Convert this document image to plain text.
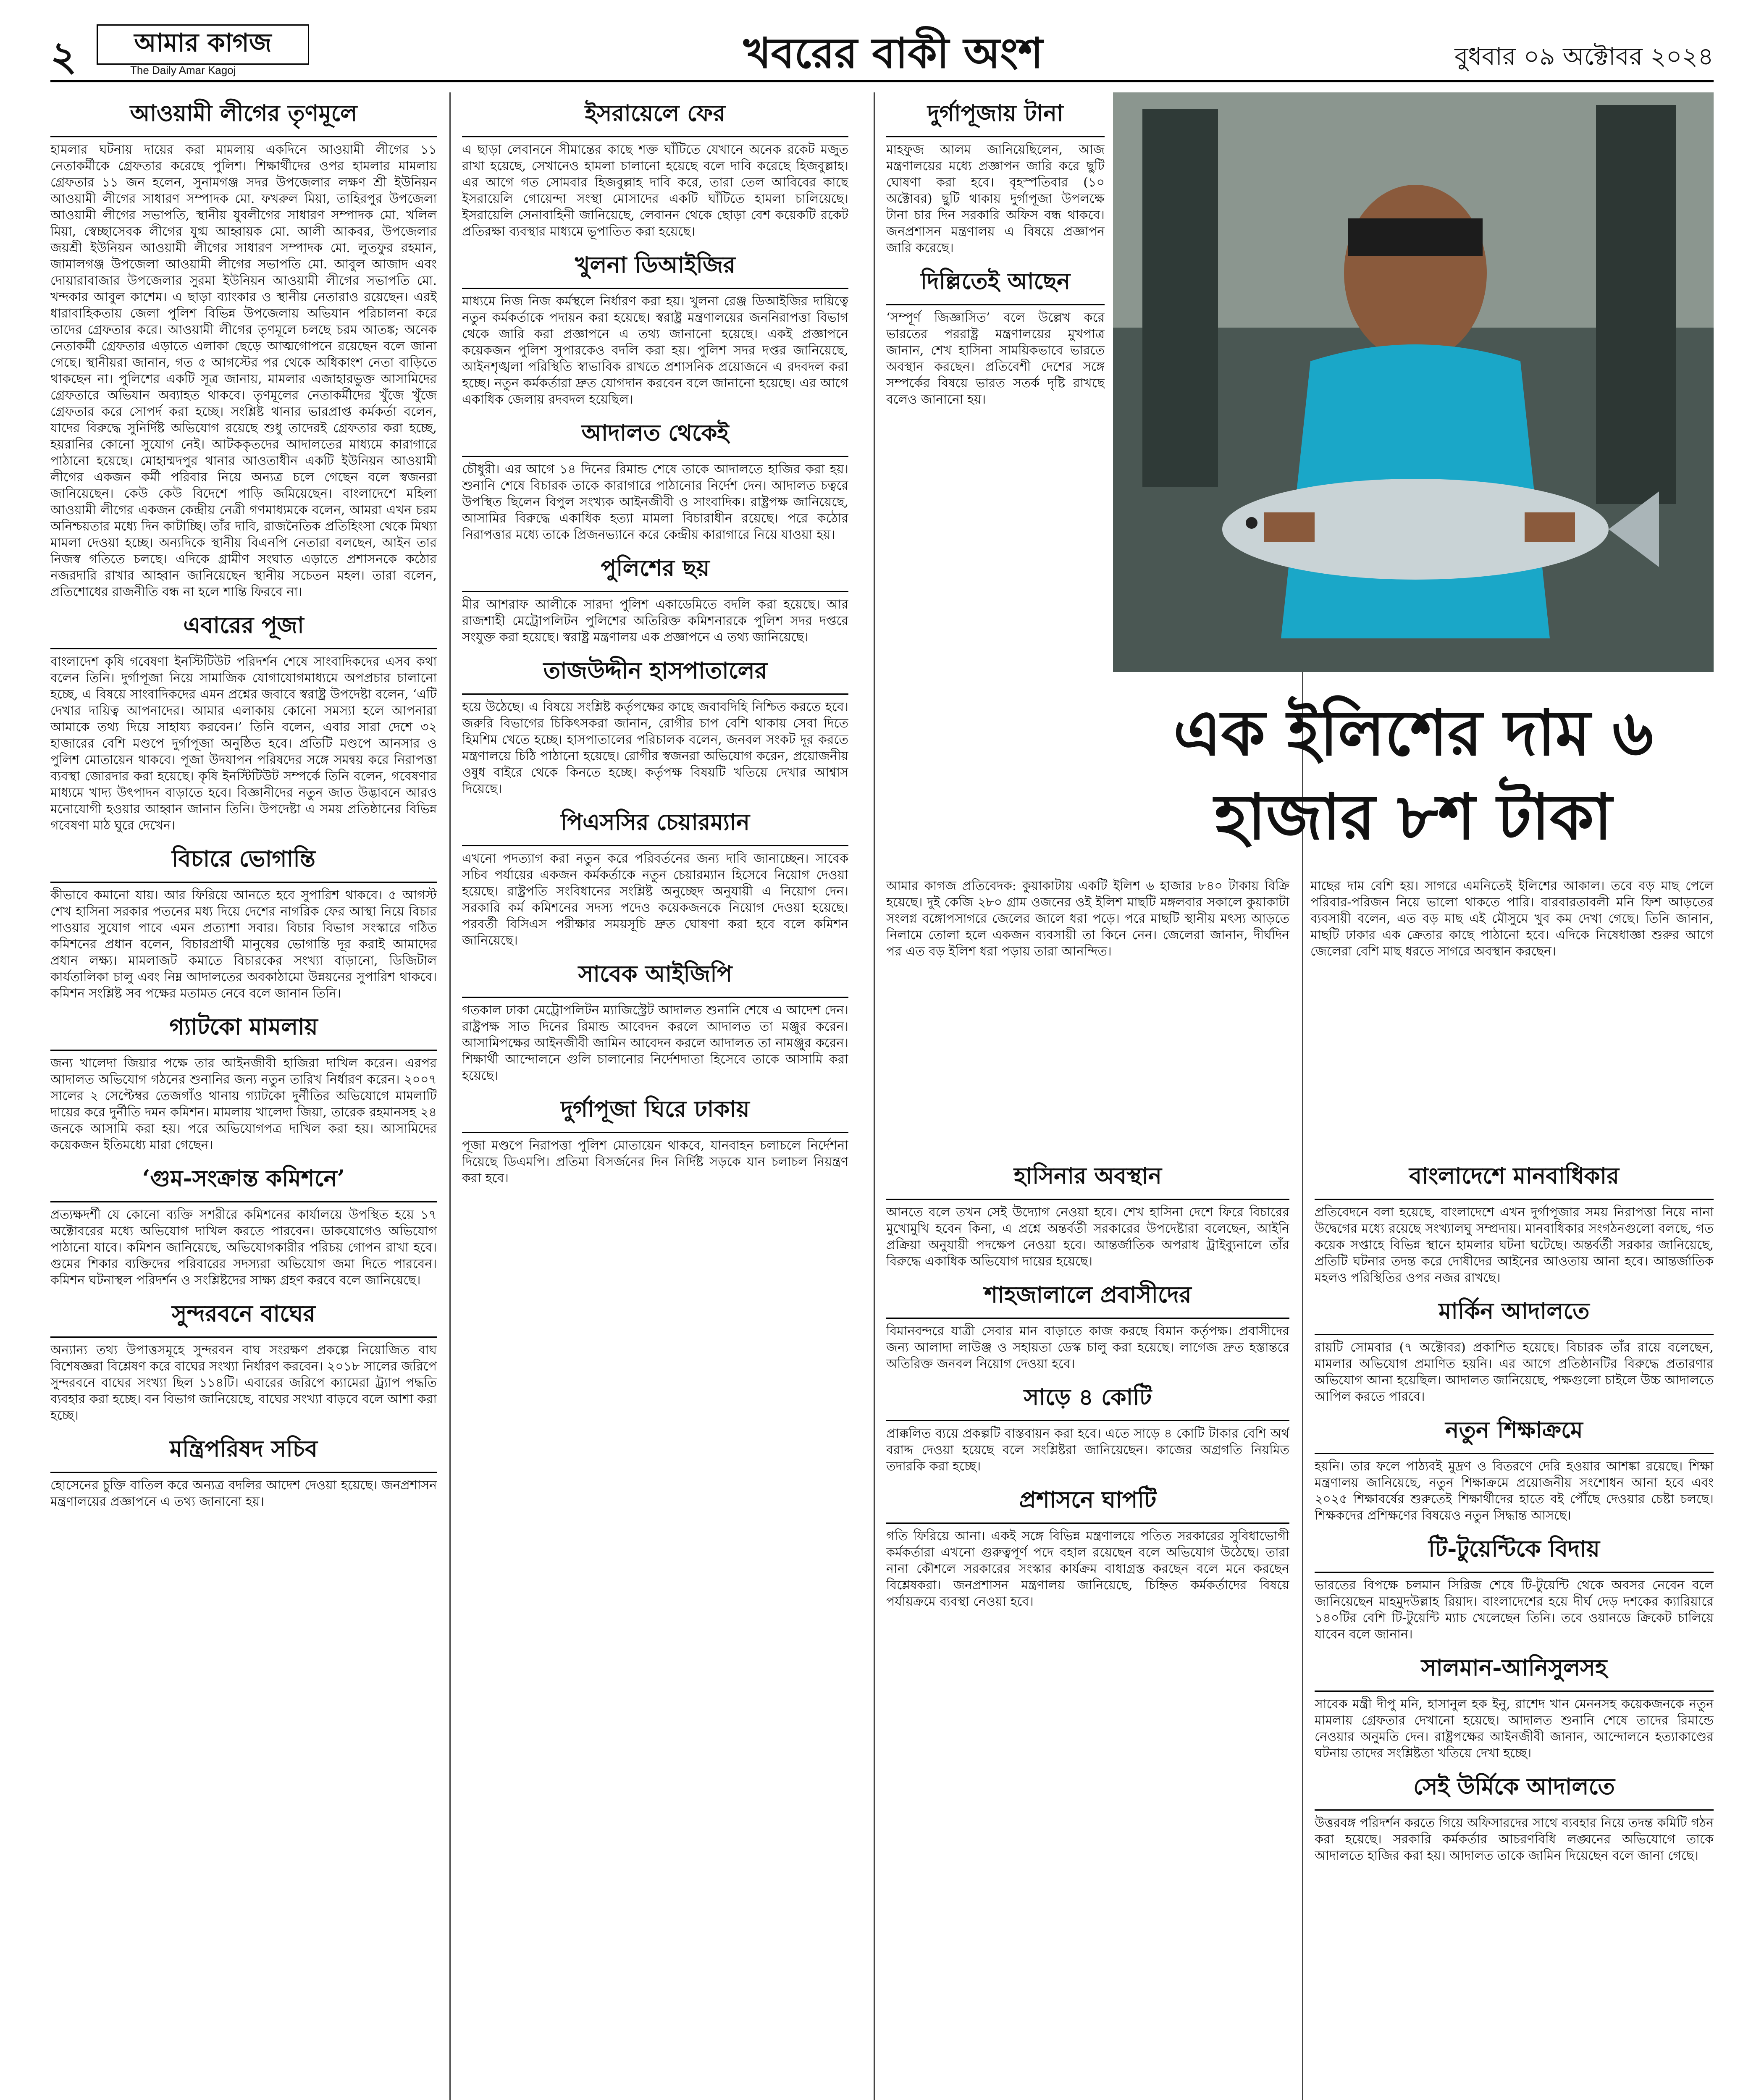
২	আমার কাগজ
The Daily Amar Kagoj	খবরের বাকী অংশ	বুধবার ০৯ অক্টোবর ২০২৪
আওয়ামী লীগের তৃণমূলে

হামলার ঘটনায় দায়ের করা মামলায় একদিনে আওয়ামী লীগের ১১ নেতাকর্মীকে গ্রেফতার করেছে পুলিশ। শিক্ষার্থীদের ওপর হামলার মামলায় গ্রেফতার ১১ জন হলেন, সুনামগঞ্জ সদর উপজেলার লক্ষণ শ্রী ইউনিয়ন আওয়ামী লীগের সাধারণ সম্পাদক মো. ফখরুল মিয়া, তাহিরপুর উপজেলা আওয়ামী লীগের সভাপতি, স্থানীয় যুবলীগের সাধারণ সম্পাদক মো. খলিল মিয়া, স্বেচ্ছাসেবক লীগের যুগ্ম আহ্বায়ক মো. আলী আকবর, উপজেলার জয়শ্রী ইউনিয়ন আওয়ামী লীগের সাধারণ সম্পাদক মো. লুতফুর রহমান, জামালগঞ্জ উপজেলা আওয়ামী লীগের সভাপতি মো. আবুল আজাদ এবং দোয়ারাবাজার উপজেলার সুরমা ইউনিয়ন আওয়ামী লীগের সভাপতি মো. খন্দকার আবুল কাশেম। এ ছাড়া ব্যাংকার ও স্থানীয় নেতারাও রয়েছেন। এরই ধারাবাহিকতায় জেলা পুলিশ বিভিন্ন উপজেলায় অভিযান পরিচালনা করে তাদের গ্রেফতার করে। আওয়ামী লীগের তৃণমূলে চলছে চরম আতঙ্ক; অনেক নেতাকর্মী গ্রেফতার এড়াতে এলাকা ছেড়ে আত্মগোপনে রয়েছেন বলে জানা গেছে। স্থানীয়রা জানান, গত ৫ আগস্টের পর থেকে অধিকাংশ নেতা বাড়িতে থাকছেন না। পুলিশের একটি সূত্র জানায়, মামলার এজাহারভুক্ত আসামিদের গ্রেফতারে অভিযান অব্যাহত থাকবে। তৃণমূলের নেতাকর্মীদের খুঁজে খুঁজে গ্রেফতার করে সোপর্দ করা হচ্ছে। সংশ্লিষ্ট থানার ভারপ্রাপ্ত কর্মকর্তা বলেন, যাদের বিরুদ্ধে সুনির্দিষ্ট অভিযোগ রয়েছে শুধু তাদেরই গ্রেফতার করা হচ্ছে, হয়রানির কোনো সুযোগ নেই। আটককৃতদের আদালতের মাধ্যমে কারাগারে পাঠানো হয়েছে। মোহাম্মদপুর থানার আওতাধীন একটি ইউনিয়ন আওয়ামী লীগের একজন কর্মী পরিবার নিয়ে অন্যত্র চলে গেছেন বলে স্বজনরা জানিয়েছেন। কেউ কেউ বিদেশে পাড়ি জমিয়েছেন। বাংলাদেশে মহিলা আওয়ামী লীগের একজন কেন্দ্রীয় নেত্রী গণমাধ্যমকে বলেন, আমরা এখন চরম অনিশ্চয়তার মধ্যে দিন কাটাচ্ছি। তাঁর দাবি, রাজনৈতিক প্রতিহিংসা থেকে মিথ্যা মামলা দেওয়া হচ্ছে। অন্যদিকে স্থানীয় বিএনপি নেতারা বলছেন, আইন তার নিজস্ব গতিতে চলছে। এদিকে গ্রামীণ সংঘাত এড়াতে প্রশাসনকে কঠোর নজরদারি রাখার আহ্বান জানিয়েছেন স্থানীয় সচেতন মহল। তারা বলেন, প্রতিশোধের রাজনীতি বন্ধ না হলে শান্তি ফিরবে না।

এবারের পূজা

বাংলাদেশ কৃষি গবেষণা ইনস্টিটিউট পরিদর্শন শেষে সাংবাদিকদের এসব কথা বলেন তিনি। দুর্গাপূজা নিয়ে সামাজিক যোগাযোগমাধ্যমে অপপ্রচার চালানো হচ্ছে, এ বিষয়ে সাংবাদিকদের এমন প্রশ্নের জবাবে স্বরাষ্ট্র উপদেষ্টা বলেন, ‘এটি দেখার দায়িত্ব আপনাদের। আমার এলাকায় কোনো সমস্যা হলে আপনারা আমাকে তথ্য দিয়ে সাহায্য করবেন।’ তিনি বলেন, এবার সারা দেশে ৩২ হাজারের বেশি মণ্ডপে দুর্গাপূজা অনুষ্ঠিত হবে। প্রতিটি মণ্ডপে আনসার ও পুলিশ মোতায়েন থাকবে। পূজা উদযাপন পরিষদের সঙ্গে সমন্বয় করে নিরাপত্তা ব্যবস্থা জোরদার করা হয়েছে। কৃষি ইনস্টিটিউট সম্পর্কে তিনি বলেন, গবেষণার মাধ্যমে খাদ্য উৎপাদন বাড়াতে হবে। বিজ্ঞানীদের নতুন জাত উদ্ভাবনে আরও মনোযোগী হওয়ার আহ্বান জানান তিনি। উপদেষ্টা এ সময় প্রতিষ্ঠানের বিভিন্ন গবেষণা মাঠ ঘুরে দেখেন।

বিচারে ভোগান্তি

কীভাবে কমানো যায়। আর ফিরিয়ে আনতে হবে সুপারিশ থাকবে। ৫ আগস্ট শেখ হাসিনা সরকার পতনের মধ্য দিয়ে দেশের নাগরিক ফের আস্থা নিয়ে বিচার পাওয়ার সুযোগ পাবে এমন প্রত্যাশা সবার। বিচার বিভাগ সংস্কারে গঠিত কমিশনের প্রধান বলেন, বিচারপ্রার্থী মানুষের ভোগান্তি দূর করাই আমাদের প্রধান লক্ষ্য। মামলাজট কমাতে বিচারকের সংখ্যা বাড়ানো, ডিজিটাল কার্যতালিকা চালু এবং নিম্ন আদালতের অবকাঠামো উন্নয়নের সুপারিশ থাকবে। কমিশন সংশ্লিষ্ট সব পক্ষের মতামত নেবে বলে জানান তিনি।

গ্যাটকো মামলায়

জন্য খালেদা জিয়ার পক্ষে তার আইনজীবী হাজিরা দাখিল করেন। এরপর আদালত অভিযোগ গঠনের শুনানির জন্য নতুন তারিখ নির্ধারণ করেন। ২০০৭ সালের ২ সেপ্টেম্বর তেজগাঁও থানায় গ্যাটকো দুর্নীতির অভিযোগে মামলাটি দায়ের করে দুর্নীতি দমন কমিশন। মামলায় খালেদা জিয়া, তারেক রহমানসহ ২৪ জনকে আসামি করা হয়। পরে অভিযোগপত্র দাখিল করা হয়। আসামিদের কয়েকজন ইতিমধ্যে মারা গেছেন।

‘গুম-সংক্রান্ত কমিশনে’

প্রত্যক্ষদর্শী যে কোনো ব্যক্তি সশরীরে কমিশনের কার্যালয়ে উপস্থিত হয়ে ১৭ অক্টোবরের মধ্যে অভিযোগ দাখিল করতে পারবেন। ডাকযোগেও অভিযোগ পাঠানো যাবে। কমিশন জানিয়েছে, অভিযোগকারীর পরিচয় গোপন রাখা হবে। গুমের শিকার ব্যক্তিদের পরিবারের সদস্যরা অভিযোগ জমা দিতে পারবেন। কমিশন ঘটনাস্থল পরিদর্শন ও সংশ্লিষ্টদের সাক্ষ্য গ্রহণ করবে বলে জানিয়েছে।

সুন্দরবনে বাঘের

অন্যান্য তথ্য উপাত্তসমূহে সুন্দরবন বাঘ সংরক্ষণ প্রকল্পে নিয়োজিত বাঘ বিশেষজ্ঞরা বিশ্লেষণ করে বাঘের সংখ্যা নির্ধারণ করবেন। ২০১৮ সালের জরিপে সুন্দরবনে বাঘের সংখ্যা ছিল ১১৪টি। এবারের জরিপে ক্যামেরা ট্র্যাপ পদ্ধতি ব্যবহার করা হচ্ছে। বন বিভাগ জানিয়েছে, বাঘের সংখ্যা বাড়বে বলে আশা করা হচ্ছে।

মন্ত্রিপরিষদ সচিব

হোসেনের চুক্তি বাতিল করে অন্যত্র বদলির আদেশ দেওয়া হয়েছে। জনপ্রশাসন মন্ত্রণালয়ের প্রজ্ঞাপনে এ তথ্য জানানো হয়।

ইসরায়েলে ফের

এ ছাড়া লেবাননে সীমান্তের কাছে শক্ত ঘাঁটিতে যেখানে অনেক রকেট মজুত রাখা হয়েছে, সেখানেও হামলা চালানো হয়েছে বলে দাবি করেছে হিজবুল্লাহ। এর আগে গত সোমবার হিজবুল্লাহ দাবি করে, তারা তেল আবিবের কাছে ইসরায়েলি গোয়েন্দা সংস্থা মোসাদের একটি ঘাঁটিতে হামলা চালিয়েছে। ইসরায়েলি সেনাবাহিনী জানিয়েছে, লেবানন থেকে ছোড়া বেশ কয়েকটি রকেট প্রতিরক্ষা ব্যবস্থার মাধ্যমে ভূপাতিত করা হয়েছে।

খুলনা ডিআইজির

মাধ্যমে নিজ নিজ কর্মস্থলে নির্ধারণ করা হয়। খুলনা রেঞ্জ ডিআইজির দায়িত্বে নতুন কর্মকর্তাকে পদায়ন করা হয়েছে। স্বরাষ্ট্র মন্ত্রণালয়ের জননিরাপত্তা বিভাগ থেকে জারি করা প্রজ্ঞাপনে এ তথ্য জানানো হয়েছে। একই প্রজ্ঞাপনে কয়েকজন পুলিশ সুপারকেও বদলি করা হয়। পুলিশ সদর দপ্তর জানিয়েছে, আইনশৃঙ্খলা পরিস্থিতি স্বাভাবিক রাখতে প্রশাসনিক প্রয়োজনে এ রদবদল করা হচ্ছে। নতুন কর্মকর্তারা দ্রুত যোগদান করবেন বলে জানানো হয়েছে। এর আগে একাধিক জেলায় রদবদল হয়েছিল।

আদালত থেকেই

চৌধুরী। এর আগে ১৪ দিনের রিমান্ড শেষে তাকে আদালতে হাজির করা হয়। শুনানি শেষে বিচারক তাকে কারাগারে পাঠানোর নির্দেশ দেন। আদালত চত্বরে উপস্থিত ছিলেন বিপুল সংখ্যক আইনজীবী ও সাংবাদিক। রাষ্ট্রপক্ষ জানিয়েছে, আসামির বিরুদ্ধে একাধিক হত্যা মামলা বিচারাধীন রয়েছে। পরে কঠোর নিরাপত্তার মধ্যে তাকে প্রিজনভ্যানে করে কেন্দ্রীয় কারাগারে নিয়ে যাওয়া হয়।

পুলিশের ছয়

মীর আশরাফ আলীকে সারদা পুলিশ একাডেমিতে বদলি করা হয়েছে। আর রাজশাহী মেট্রোপলিটন পুলিশের অতিরিক্ত কমিশনারকে পুলিশ সদর দপ্তরে সংযুক্ত করা হয়েছে। স্বরাষ্ট্র মন্ত্রণালয় এক প্রজ্ঞাপনে এ তথ্য জানিয়েছে।

তাজউদ্দীন হাসপাতালের

হয়ে উঠেছে। এ বিষয়ে সংশ্লিষ্ট কর্তৃপক্ষের কাছে জবাবদিহি নিশ্চিত করতে হবে। জরুরি বিভাগের চিকিৎসকরা জানান, রোগীর চাপ বেশি থাকায় সেবা দিতে হিমশিম খেতে হচ্ছে। হাসপাতালের পরিচালক বলেন, জনবল সংকট দূর করতে মন্ত্রণালয়ে চিঠি পাঠানো হয়েছে। রোগীর স্বজনরা অভিযোগ করেন, প্রয়োজনীয় ওষুধ বাইরে থেকে কিনতে হচ্ছে। কর্তৃপক্ষ বিষয়টি খতিয়ে দেখার আশ্বাস দিয়েছে।

পিএসসির চেয়ারম্যান

এখনো পদত্যাগ করা নতুন করে পরিবর্তনের জন্য দাবি জানাচ্ছেন। সাবেক সচিব পর্যায়ের একজন কর্মকর্তাকে নতুন চেয়ারম্যান হিসেবে নিয়োগ দেওয়া হয়েছে। রাষ্ট্রপতি সংবিধানের সংশ্লিষ্ট অনুচ্ছেদ অনুযায়ী এ নিয়োগ দেন। সরকারি কর্ম কমিশনের সদস্য পদেও কয়েকজনকে নিয়োগ দেওয়া হয়েছে। পরবর্তী বিসিএস পরীক্ষার সময়সূচি দ্রুত ঘোষণা করা হবে বলে কমিশন জানিয়েছে।

সাবেক আইজিপি

গতকাল ঢাকা মেট্রোপলিটন ম্যাজিস্ট্রেট আদালত শুনানি শেষে এ আদেশ দেন। রাষ্ট্রপক্ষ সাত দিনের রিমান্ড আবেদন করলে আদালত তা মঞ্জুর করেন। আসামিপক্ষের আইনজীবী জামিন আবেদন করলে আদালত তা নামঞ্জুর করেন। শিক্ষার্থী আন্দোলনে গুলি চালানোর নির্দেশদাতা হিসেবে তাকে আসামি করা হয়েছে।

দুর্গাপূজা ঘিরে ঢাকায়

পূজা মণ্ডপে নিরাপত্তা পুলিশ মোতায়েন থাকবে, যানবাহন চলাচলে নির্দেশনা দিয়েছে ডিএমপি। প্রতিমা বিসর্জনের দিন নির্দিষ্ট সড়কে যান চলাচল নিয়ন্ত্রণ করা হবে।

দুর্গাপূজায় টানা

মাহফুজ আলম জানিয়েছিলেন, আজ মন্ত্রণালয়ের মধ্যে প্রজ্ঞাপন জারি করে ছুটি ঘোষণা করা হবে। বৃহস্পতিবার (১০ অক্টোবর) ছুটি থাকায় দুর্গাপূজা উপলক্ষে টানা চার দিন সরকারি অফিস বন্ধ থাকবে। জনপ্রশাসন মন্ত্রণালয় এ বিষয়ে প্রজ্ঞাপন জারি করেছে।

দিল্লিতেই আছেন

‘সম্পূর্ণ জিজ্ঞাসিত’ বলে উল্লেখ করে ভারতের পররাষ্ট্র মন্ত্রণালয়ের মুখপাত্র জানান, শেখ হাসিনা সাময়িকভাবে ভারতে অবস্থান করছেন। প্রতিবেশী দেশের সঙ্গে সম্পর্কের বিষয়ে ভারত সতর্ক দৃষ্টি রাখছে বলেও জানানো হয়।

এক ইলিশের দাম ৬ হাজার ৮শ টাকা

আমার কাগজ প্রতিবেদক: কুয়াকাটায় একটি ইলিশ ৬ হাজার ৮৪০ টাকায় বিক্রি হয়েছে। দুই কেজি ২৮০ গ্রাম ওজনের ওই ইলিশ মাছটি মঙ্গলবার সকালে কুয়াকাটা সংলগ্ন বঙ্গোপসাগরে জেলের জালে ধরা পড়ে। পরে মাছটি স্থানীয় মৎস্য আড়তে নিলামে তোলা হলে একজন ব্যবসায়ী তা কিনে নেন। জেলেরা জানান, দীর্ঘদিন পর এত বড় ইলিশ ধরা পড়ায় তারা আনন্দিত।

মাছের দাম বেশি হয়। সাগরে এমনিতেই ইলিশের আকাল। তবে বড় মাছ পেলে পরিবার-পরিজন নিয়ে ভালো থাকতে পারি। বারবারতাবলী মনি ফিশ আড়তের ব্যবসায়ী বলেন, এত বড় মাছ এই মৌসুমে খুব কম দেখা গেছে। তিনি জানান, মাছটি ঢাকার এক ক্রেতার কাছে পাঠানো হবে। এদিকে নিষেধাজ্ঞা শুরুর আগে জেলেরা বেশি মাছ ধরতে সাগরে অবস্থান করছেন।

হাসিনার অবস্থান

আনতে বলে তখন সেই উদ্যোগ নেওয়া হবে। শেখ হাসিনা দেশে ফিরে বিচারের মুখোমুখি হবেন কিনা, এ প্রশ্নে অন্তর্বর্তী সরকারের উপদেষ্টারা বলেছেন, আইনি প্রক্রিয়া অনুযায়ী পদক্ষেপ নেওয়া হবে। আন্তর্জাতিক অপরাধ ট্রাইব্যুনালে তাঁর বিরুদ্ধে একাধিক অভিযোগ দায়ের হয়েছে।

শাহজালালে প্রবাসীদের

বিমানবন্দরে যাত্রী সেবার মান বাড়াতে কাজ করছে বিমান কর্তৃপক্ষ। প্রবাসীদের জন্য আলাদা লাউঞ্জ ও সহায়তা ডেস্ক চালু করা হয়েছে। লাগেজ দ্রুত হস্তান্তরে অতিরিক্ত জনবল নিয়োগ দেওয়া হবে।

সাড়ে ৪ কোটি

প্রাক্কলিত ব্যয়ে প্রকল্পটি বাস্তবায়ন করা হবে। এতে সাড়ে ৪ কোটি টাকার বেশি অর্থ বরাদ্দ দেওয়া হয়েছে বলে সংশ্লিষ্টরা জানিয়েছেন। কাজের অগ্রগতি নিয়মিত তদারকি করা হচ্ছে।

প্রশাসনে ঘাপটি

গতি ফিরিয়ে আনা। একই সঙ্গে বিভিন্ন মন্ত্রণালয়ে পতিত সরকারের সুবিধাভোগী কর্মকর্তারা এখনো গুরুত্বপূর্ণ পদে বহাল রয়েছেন বলে অভিযোগ উঠেছে। তারা নানা কৌশলে সরকারের সংস্কার কার্যক্রম বাধাগ্রস্ত করছেন বলে মনে করছেন বিশ্লেষকরা। জনপ্রশাসন মন্ত্রণালয় জানিয়েছে, চিহ্নিত কর্মকর্তাদের বিষয়ে পর্যায়ক্রমে ব্যবস্থা নেওয়া হবে।

বাংলাদেশে মানবাধিকার

প্রতিবেদনে বলা হয়েছে, বাংলাদেশে এখন দুর্গাপূজার সময় নিরাপত্তা নিয়ে নানা উদ্বেগের মধ্যে রয়েছে সংখ্যালঘু সম্প্রদায়। মানবাধিকার সংগঠনগুলো বলছে, গত কয়েক সপ্তাহে বিভিন্ন স্থানে হামলার ঘটনা ঘটেছে। অন্তর্বর্তী সরকার জানিয়েছে, প্রতিটি ঘটনার তদন্ত করে দোষীদের আইনের আওতায় আনা হবে। আন্তর্জাতিক মহলও পরিস্থিতির ওপর নজর রাখছে।

মার্কিন আদালতে

রায়টি সোমবার (৭ অক্টোবর) প্রকাশিত হয়েছে। বিচারক তাঁর রায়ে বলেছেন, মামলার অভিযোগ প্রমাণিত হয়নি। এর আগে প্রতিষ্ঠানটির বিরুদ্ধে প্রতারণার অভিযোগ আনা হয়েছিল। আদালত জানিয়েছে, পক্ষগুলো চাইলে উচ্চ আদালতে আপিল করতে পারবে।

নতুন শিক্ষাক্রমে

হয়নি। তার ফলে পাঠ্যবই মুদ্রণ ও বিতরণে দেরি হওয়ার আশঙ্কা রয়েছে। শিক্ষা মন্ত্রণালয় জানিয়েছে, নতুন শিক্ষাক্রমে প্রয়োজনীয় সংশোধন আনা হবে এবং ২০২৫ শিক্ষাবর্ষের শুরুতেই শিক্ষার্থীদের হাতে বই পৌঁছে দেওয়ার চেষ্টা চলছে। শিক্ষকদের প্রশিক্ষণের বিষয়েও নতুন সিদ্ধান্ত আসছে।

টি-টুয়েন্টিকে বিদায়

ভারতের বিপক্ষে চলমান সিরিজ শেষে টি-টুয়েন্টি থেকে অবসর নেবেন বলে জানিয়েছেন মাহমুদউল্লাহ রিয়াদ। বাংলাদেশের হয়ে দীর্ঘ দেড় দশকের ক্যারিয়ারে ১৪০টির বেশি টি-টুয়েন্টি ম্যাচ খেলেছেন তিনি। তবে ওয়ানডে ক্রিকেট চালিয়ে যাবেন বলে জানান।

সালমান-আনিসুলসহ

সাবেক মন্ত্রী দীপু মনি, হাসানুল হক ইনু, রাশেদ খান মেননসহ কয়েকজনকে নতুন মামলায় গ্রেফতার দেখানো হয়েছে। আদালত শুনানি শেষে তাদের রিমান্ডে নেওয়ার অনুমতি দেন। রাষ্ট্রপক্ষের আইনজীবী জানান, আন্দোলনে হত্যাকাণ্ডের ঘটনায় তাদের সংশ্লিষ্টতা খতিয়ে দেখা হচ্ছে।

সেই উর্মিকে আদালতে

উত্তরবঙ্গ পরিদর্শন করতে গিয়ে অফিসারদের সাথে ব্যবহার নিয়ে তদন্ত কমিটি গঠন করা হয়েছে। সরকারি কর্মকর্তার আচরণবিধি লঙ্ঘনের অভিযোগে তাকে আদালতে হাজির করা হয়। আদালত তাকে জামিন দিয়েছেন বলে জানা গেছে।
